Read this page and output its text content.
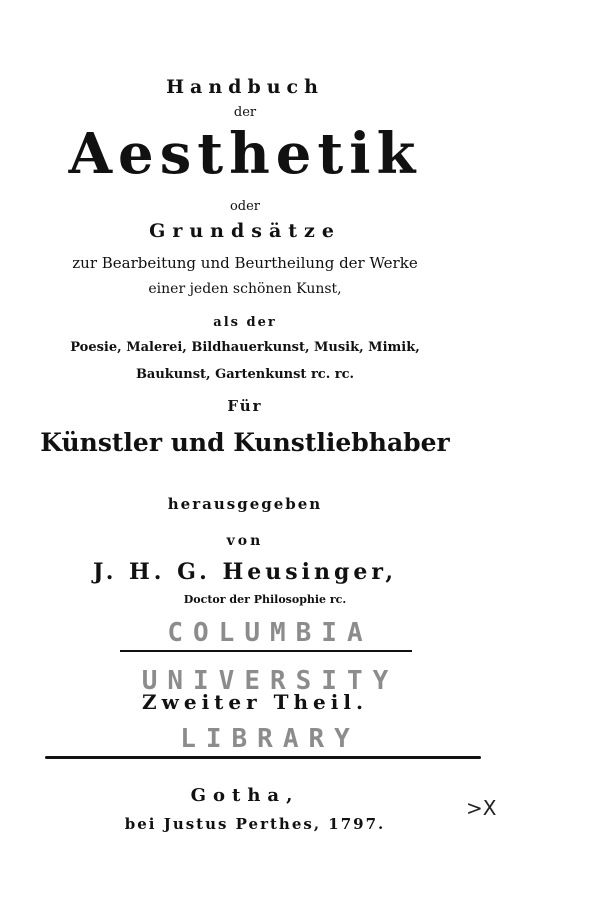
Handbuch
der
Aesthetik
oder
Grundsätze
zur Bearbeitung und Beurtheilung der Werke
einer jeden schönen Kunst,
als der
Poesie, Malerei, Bildhauerkunst, Musik, Mimik,
Baukunst, Gartenkunst rc. rc.
Für
Künstler und Kunstliebhaber
herausgegeben
von
J. H. G. Heusinger,
Doctor der Philosophie rc.
COLUMBIA
UNIVERSITY
Zweiter Theil.
LIBRARY
Gotha,
bei Justus Perthes, 1797.
>X
